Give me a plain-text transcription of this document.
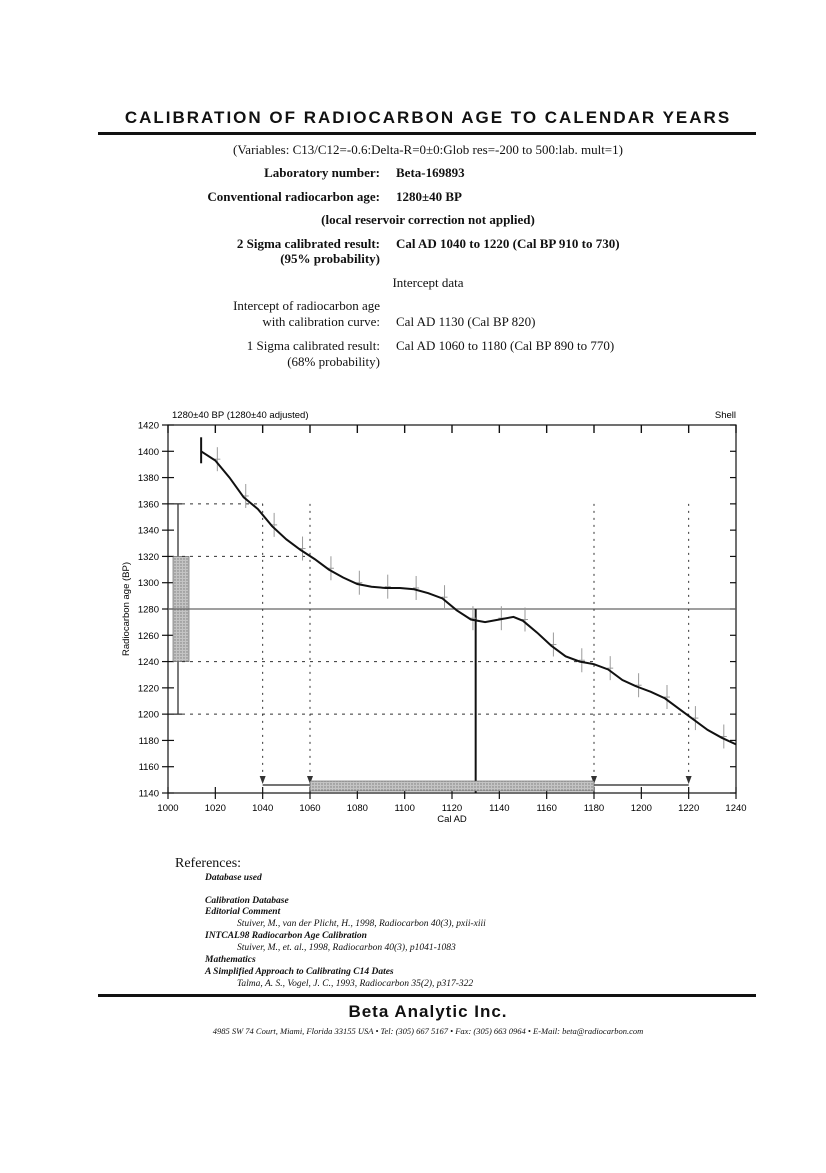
CALIBRATION OF RADIOCARBON AGE TO CALENDAR YEARS
(Variables: C13/C12=-0.6:Delta-R=0±0:Glob res=-200 to 500:lab. mult=1)
Laboratory number: Beta-169893
Conventional radiocarbon age: 1280±40 BP
(local reservoir correction not applied)
2 Sigma calibrated result:
(95% probability)
Cal AD 1040 to 1220 (Cal BP 910 to 730)
Intercept data
Intercept of radiocarbon age
with calibration curve: Cal AD 1130 (Cal BP 820)
1 Sigma calibrated result:
(68% probability)
Cal AD 1060 to 1180 (Cal BP 890 to 770)
1140
1160
1180
1200
1220
1240
1260
1280
1300
1320
1340
1360
1380
1400
1420
1000	1020	1040	1060	1080	1100	1120	1140	1160	1180	1200	1220	1240
Cal AD
Radiocarbon age (BP)
1280±40 BP (1280±40 adjusted)	Shell
References:
Database used
Calibration Database
Editorial Comment
Stuiver, M., van der Plicht, H., 1998, Radiocarbon 40(3), pxii-xiii
INTCAL98 Radiocarbon Age Calibration
Stuiver, M., et. al., 1998, Radiocarbon 40(3), p1041-1083
Mathematics
A Simplified Approach to Calibrating C14 Dates
Talma, A. S., Vogel, J. C., 1993, Radiocarbon 35(2), p317-322
Beta Analytic Inc.
4985 SW 74 Court, Miami, Florida 33155 USA • Tel: (305) 667 5167 • Fax: (305) 663 0964 • E-Mail: beta@radiocarbon.com
